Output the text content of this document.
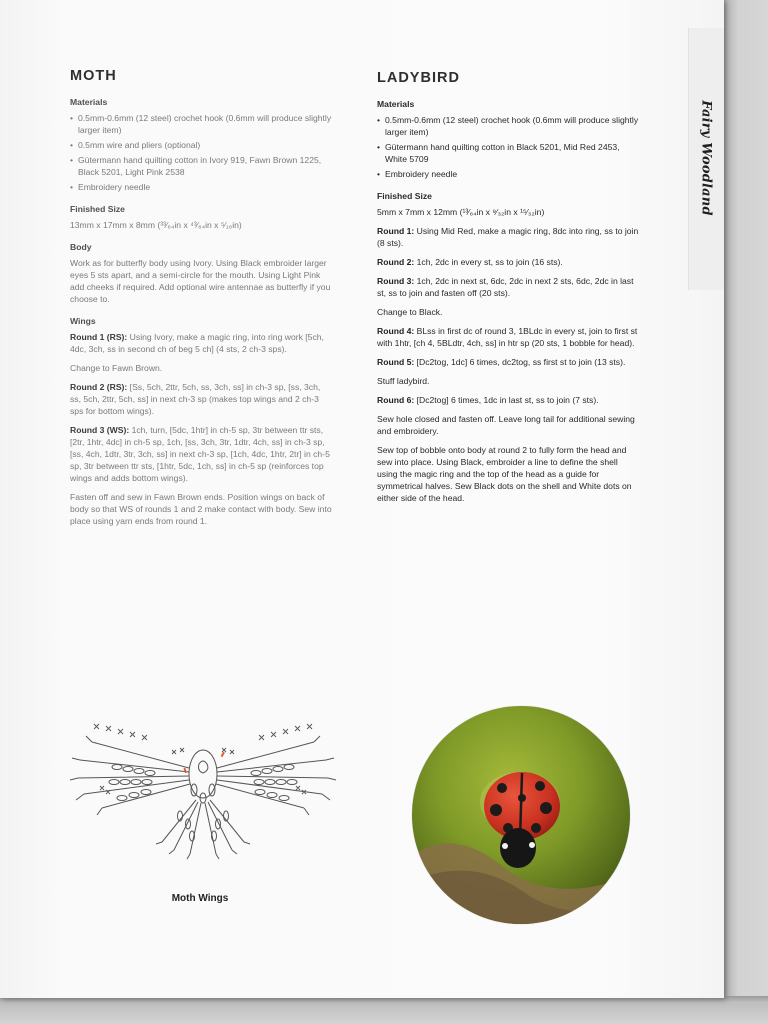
Fairy Woodland
MOTH
Materials
• 0.5mm-0.6mm (12 steel) crochet hook (0.6mm will produce slightly larger item)
• 0.5mm wire and pliers (optional)
• Gütermann hand quilting cotton in Ivory 919, Fawn Brown 1225, Black 5201, Light Pink 2538
• Embroidery needle
Finished Size

13mm x 17mm x 8mm (³³⁄₆₄in x ⁴³⁄₆₄in x ⁵⁄₁₆in)

Body

Work as for butterfly body using Ivory. Using Black embroider larger eyes 5 sts apart, and a semi-circle for the mouth. Using Light Pink add cheeks if required. Add optional wire antennae as butterfly if you choose to.

Wings

Round 1 (RS): Using Ivory, make a magic ring, into ring work [5ch, 4dc, 3ch, ss in second ch of beg 5 ch] (4 sts, 2 ch-3 sps).

Change to Fawn Brown.

Round 2 (RS): [Ss, 5ch, 2ttr, 5ch, ss, 3ch, ss] in ch-3 sp, [ss, 3ch, ss, 5ch, 2ttr, 5ch, ss] in next ch-3 sp (makes top wings and 2 ch-3 sps for bottom wings).

Round 3 (WS): 1ch, turn, [5dc, 1htr] in ch-5 sp, 3tr between ttr sts, [2tr, 1htr, 4dc] in ch-5 sp, 1ch, [ss, 3ch, 3tr, 1dtr, 4ch, ss] in ch-3 sp, [ss, 4ch, 1dtr, 3tr, 3ch, ss] in next ch-3 sp, [1ch, 4dc, 1htr, 2tr] in ch-5 sp, 3tr between ttr sts, [1htr, 5dc, 1ch, ss] in ch-5 sp (reinforces top wings and adds bottom wings).

Fasten off and sew in Fawn Brown ends. Position wings on back of body so that WS of rounds 1 and 2 make contact with body. Sew into place using yarn ends from round 1.

LADYBIRD
Materials
• 0.5mm-0.6mm (12 steel) crochet hook (0.6mm will produce slightly larger item)
• Gütermann hand quilting cotton in Black 5201, Mid Red 2453, White 5709
• Embroidery needle
Finished Size

5mm x 7mm x 12mm (¹³⁄₆₄in x ⁹⁄₃₂in x ¹⁵⁄₃₂in)

Round 1: Using Mid Red, make a magic ring, 8dc into ring, ss to join (8 sts).

Round 2: 1ch, 2dc in every st, ss to join (16 sts).

Round 3: 1ch, 2dc in next st, 6dc, 2dc in next 2 sts, 6dc, 2dc in last st, ss to join and fasten off (20 sts).

Change to Black.

Round 4: BLss in first dc of round 3, 1BLdc in every st, join to first st with 1htr, [ch 4, 5BLdtr, 4ch, ss] in htr sp (20 sts, 1 bobble for head).

Round 5: [Dc2tog, 1dc] 6 times, dc2tog, ss first st to join (13 sts).

Stuff ladybird.

Round 6: [Dc2tog] 6 times, 1dc in last st, ss to join (7 sts).

Sew hole closed and fasten off. Leave long tail for additional sewing and embroidery.

Sew top of bobble onto body at round 2 to fully form the head and sew into place. Using Black, embroider a line to define the shell using the magic ring and the top of the head as a guide for symmetrical halves. Sew Black dots on the shell and White dots on either side of the head.

Moth Wings
